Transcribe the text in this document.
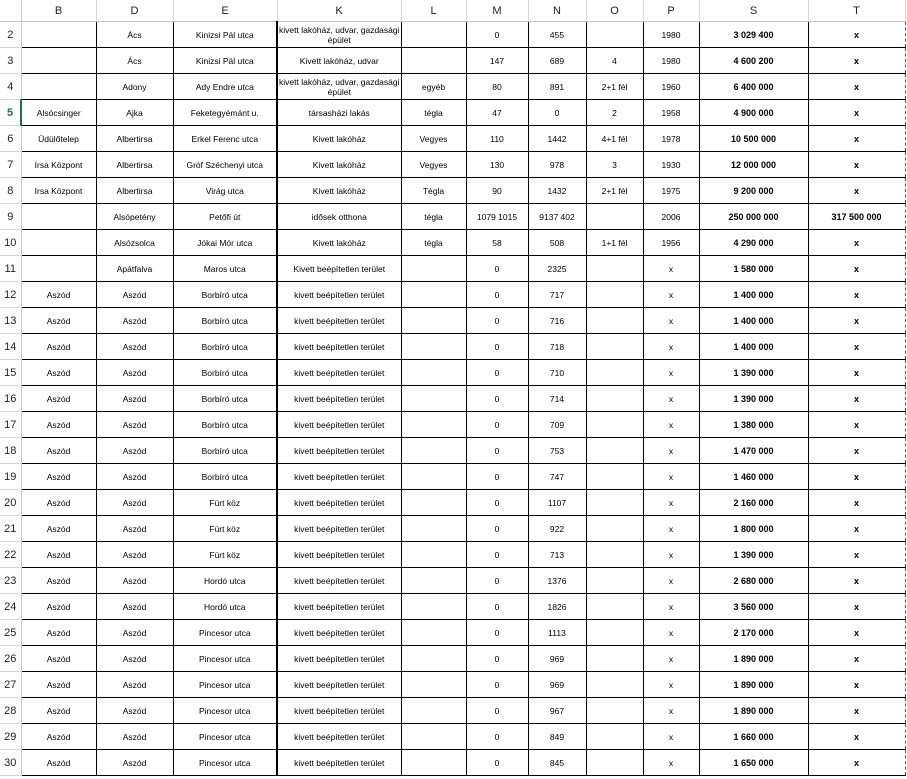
	B	D	E	K	L	M	N	O	P	S	T
2		Ács	Kinizsi Pál utca	kivett lakóház, udvar, gazdasági épület		0	455		1980	3 029 400	x
3		Ács	Kinizsi Pál utca	Kivett lakóház, udvar		147	689	4	1980	4 600 200	x
4		Adony	Ady Endre utca	kivett lakóház, udvar, gazdasági épület	egyéb	80	891	2+1 fél	1960	6 400 000	x
5	Alsócsinger	Ajka	Feketegyémánt u.	társasházi lakás	tégla	47	0	2	1958	4 900 000	x
6	Üdülőtelep	Albertirsa	Erkel Ferenc utca	Kivett lakóház	Vegyes	110	1442	4+1 fél	1978	10 500 000	x
7	Irsa Központ	Albertirsa	Gróf Széchenyi utca	Kivett lakóház	Vegyes	130	978	3	1930	12 000 000	x
8	Irsa Központ	Albertirsa	Virág utca	Kivett lakóház	Tégla	90	1432	2+1 fél	1975	9 200 000	x
9		Alsópetény	Petőfi út	idősek otthona	tégla	1079 1015	9137 402		2006	250 000 000	317 500 000
10		Alsózsolca	Jókai Mór utca	Kivett lakóház	tégla	58	508	1+1 fél	1956	4 290 000	x
11		Apátfalva	Maros utca	Kivett beépítetlen terület		0	2325		x	1 580 000	x
12	Aszód	Aszód	Borbíró utca	kivett beépítetlen terület		0	717		x	1 400 000	x
13	Aszód	Aszód	Borbíró utca	kivett beépítetlen terület		0	716		x	1 400 000	x
14	Aszód	Aszód	Borbíró utca	kivett beépítetlen terület		0	718		x	1 400 000	x
15	Aszód	Aszód	Borbíró utca	kivett beépítetlen terület		0	710		x	1 390 000	x
16	Aszód	Aszód	Borbíró utca	kivett beépítetlen terület		0	714		x	1 390 000	x
17	Aszód	Aszód	Borbíró utca	kivett beépítetlen terület		0	709		x	1 380 000	x
18	Aszód	Aszód	Borbíró utca	kivett beépítetlen terület		0	753		x	1 470 000	x
19	Aszód	Aszód	Borbíró utca	kivett beépítetlen terület		0	747		x	1 460 000	x
20	Aszód	Aszód	Fürt köz	kivett beépítetlen terület		0	1107		x	2 160 000	x
21	Aszód	Aszód	Fürt köz	kivett beépítetlen terület		0	922		x	1 800 000	x
22	Aszód	Aszód	Fürt köz	kivett beépítetlen terület		0	713		x	1 390 000	x
23	Aszód	Aszód	Hordó utca	kivett beépítetlen terület		0	1376		x	2 680 000	x
24	Aszód	Aszód	Hordó utca	kivett beépítetlen terület		0	1826		x	3 560 000	x
25	Aszód	Aszód	Pincesor utca	kivett beépítetlen terület		0	1113		x	2 170 000	x
26	Aszód	Aszód	Pincesor utca	kivett beépítetlen terület		0	969		x	1 890 000	x
27	Aszód	Aszód	Pincesor utca	kivett beépítetlen terület		0	969		x	1 890 000	x
28	Aszód	Aszód	Pincesor utca	kivett beépítetlen terület		0	967		x	1 890 000	x
29	Aszód	Aszód	Pincesor utca	kivett beépítetlen terület		0	849		x	1 660 000	x
30	Aszód	Aszód	Pincesor utca	kivett beépítetlen terület		0	845		x	1 650 000	x
